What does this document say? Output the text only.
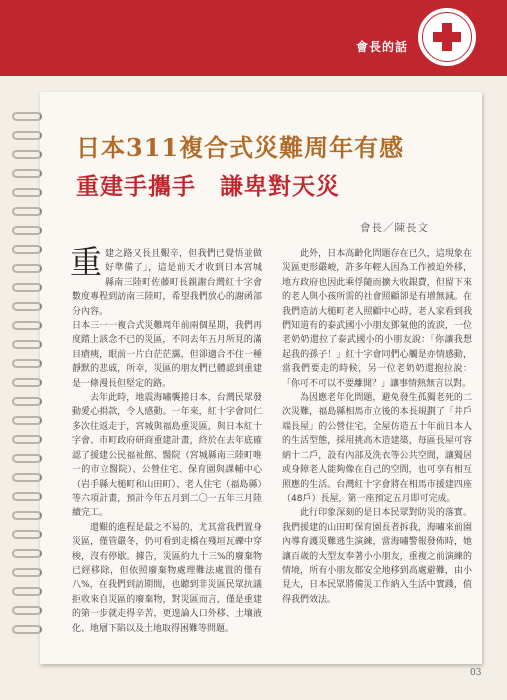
會長的話
日本311複合式災難周年有感
重建手攜手　謙卑對天災
會長／陳長文

重建之路又長且艱辛，但我們已覺悟並做好準備了」，這是前天才收到日本宮城縣南三陸町佐藤町長親謝台灣紅十字會數度專程到訪南三陸町，希望我們放心的謝函部分內容。

日本三一一複合式災難周年前兩個星期，我們再度踏上該念不已的災區，不同去年五月所見的滿目瘡痍，眼前一片白茫茫靄，但卻適合不住一種靜默的悲戚，所幸，災區的朋友們已體認到重建是一條漫長但堅定的路。

去年此時，地震海嘯襲捲日本，台灣民眾發動愛心捐款，令人感動。一年來，紅十字會同仁多次往返走于，宮城與福島重災區，與日本紅十字會、市町政府研商重建計畫，終於在去年底確認了援建公民福祉館、醫院（宮城縣南三陸町唯一的市立醫院）、公營住宅、保育園與課輔中心（岩手縣大槌町和山田町）、老人住宅（福島縣）等六項計畫，預計今年五月到二〇一五年三月陸續完工。

還艱的進程是最之不易的，尤其當我們置身災區，僅管嚴冬，仍可看到走橋在殘垣瓦礫中穿梭，沒有停歇。據告，災區約九十三%的廢棄物已經移除，但依照廢棄物處理難法處置的僅有八%，在我們到訪期間，也聽到非災區民眾抗議拒收來自災區的廢棄物，對災區而言，僅是重建的第一步就走得辛苦，更遑論人口外移、土壤液化、地層下陷以及土地取得困難等問題。

此外，日本高齡化問題存在已久，這現象在災區更形嚴峻，許多年輕人因為工作被迫外移，地方政府也因此乘俘隨而擴大收銀費，但留下來的老人與小孩所需的社會照顧卻是有增無減。在我們造訪大槌町老人照顧中心時，老人家看到我們知道有的泰武國小小朋友鄧氣他的流淚，一位老奶奶還拉了泰武國小的小朋友說：「你讓我想起我的孫子！」紅十字會同們心觸是亦情感動，當我們要走的時候，另一位老奶奶還抱拉說：「你可不可以不要離開？」讓事情熱無言以對。

為因應老年化問題，避免發生孤獨老死的二次災難，福島縣相馬市立後的本長規劃了「井戶端長屋」的公營住宅，全屋仿造五十年前日本人的生活型態，採用挑高木造建築，每區長屋可容納十二戶，設有內部及洗衣等公共空間，讓獨居或身障老人能夠像在自己的空間，也可享有相互照應的生活。台灣紅十字會將在相馬市援建四座（48戶）長屋，第一座預定五月即可完成。

此行印象深刻的是日本民眾對防災的落實。我們援建的山田町保育園長者拆我，海嘯來前園內導育護災難逃生演練，當海嘯警報發佈時，她讓百歲的大型友奉著小小朋友，重複之前演練的情境，所有小朋友都安全地移到高處避難，由小見大，日本民眾將備災工作納入生活中實踐，值得我們效法。

03
